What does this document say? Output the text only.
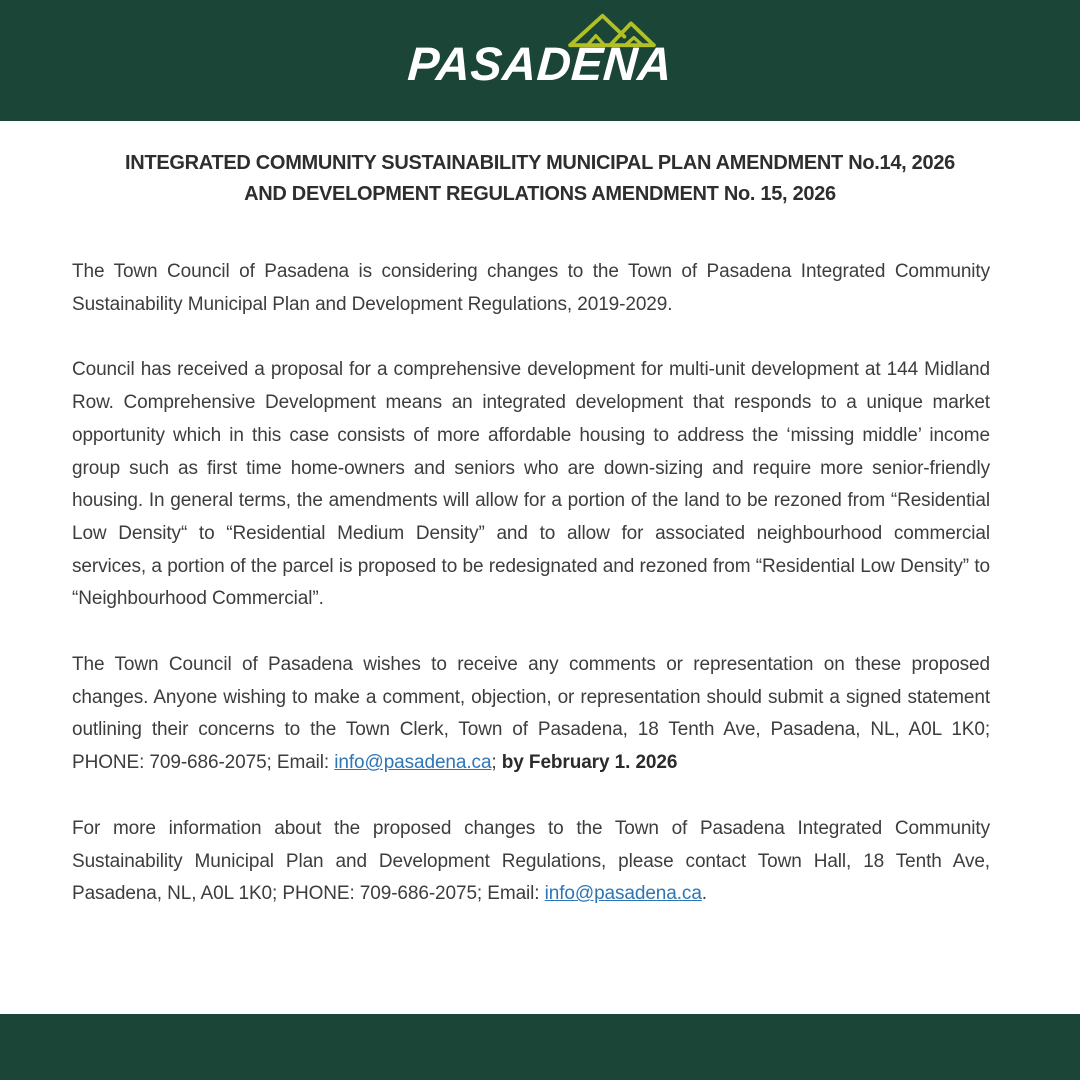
PASADENA
INTEGRATED COMMUNITY SUSTAINABILITY MUNICIPAL PLAN AMENDMENT No.14, 2026
AND DEVELOPMENT REGULATIONS AMENDMENT No. 15, 2026

The Town Council of Pasadena is considering changes to the Town of Pasadena Integrated Community Sustainability Municipal Plan and Development Regulations, 2019-2029.

Council has received a proposal for a comprehensive development for multi-unit development at 144 Midland Row. Comprehensive Development means an integrated development that responds to a unique market opportunity which in this case consists of more affordable housing to address the ‘missing middle’ income group such as first time home-owners and seniors who are down-sizing and require more senior-friendly housing. In general terms, the amendments will allow for a portion of the land to be rezoned from “Residential Low Density“ to “Residential Medium Density” and to allow for associated neighbourhood commercial services, a portion of the parcel is proposed to be redesignated and rezoned from “Residential Low Density” to “Neighbourhood Commercial”.

The Town Council of Pasadena wishes to receive any comments or representation on these proposed changes. Anyone wishing to make a comment, objection, or representation should submit a signed statement outlining their concerns to the Town Clerk, Town of Pasadena, 18 Tenth Ave, Pasadena, NL, A0L 1K0; PHONE: 709-686-2075; Email: info@pasadena.ca; by February 1. 2026

For more information about the proposed changes to the Town of Pasadena Integrated Community Sustainability Municipal Plan and Development Regulations, please contact Town Hall, 18 Tenth Ave, Pasadena, NL, A0L 1K0; PHONE: 709-686-2075; Email: info@pasadena.ca.
